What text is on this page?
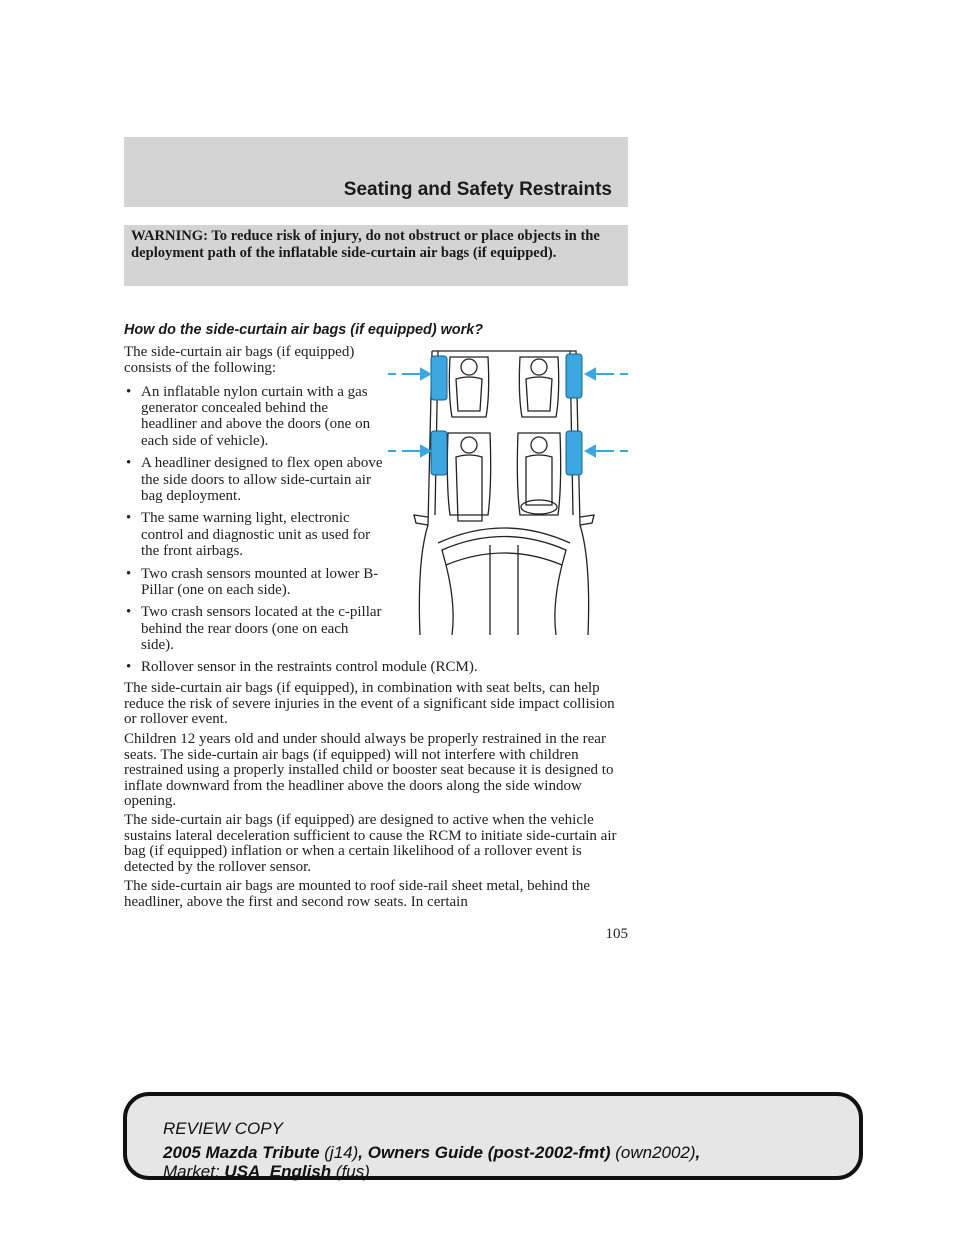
Seating and Safety Restraints
WARNING: To reduce risk of injury, do not obstruct or place objects in the deployment path of the inflatable side-curtain air bags (if equipped).
How do the side-curtain air bags (if equipped) work?

The side-curtain air bags (if equipped) consists of the following:

• An inflatable nylon curtain with a gas generator concealed behind the headliner and above the doors (one on each side of vehicle).
• A headliner designed to flex open above the side doors to allow side-curtain air bag deployment.
• The same warning light, electronic control and diagnostic unit as used for the front airbags.
• Two crash sensors mounted at lower B-Pillar (one on each side).
• Two crash sensors located at the c-pillar behind the rear doors (one on each side).
• Rollover sensor in the restraints control module (RCM).

The side-curtain air bags (if equipped), in combination with seat belts, can help reduce the risk of severe injuries in the event of a significant side impact collision or rollover event.

Children 12 years old and under should always be properly restrained in the rear seats. The side-curtain air bags (if equipped) will not interfere with children restrained using a properly installed child or booster seat because it is designed to inflate downward from the headliner above the doors along the side window opening.

The side-curtain air bags (if equipped) are designed to active when the vehicle sustains lateral deceleration sufficient to cause the RCM to initiate side-curtain air bag (if equipped) inflation or when a certain likelihood of a rollover event is detected by the rollover sensor.

The side-curtain air bags are mounted to roof side-rail sheet metal, behind the headliner, above the first and second row seats. In certain

105
REVIEW COPY
2005 Mazda Tribute (j14), Owners Guide (post-2002-fmt) (own2002),
Market: USA_English (fus)
